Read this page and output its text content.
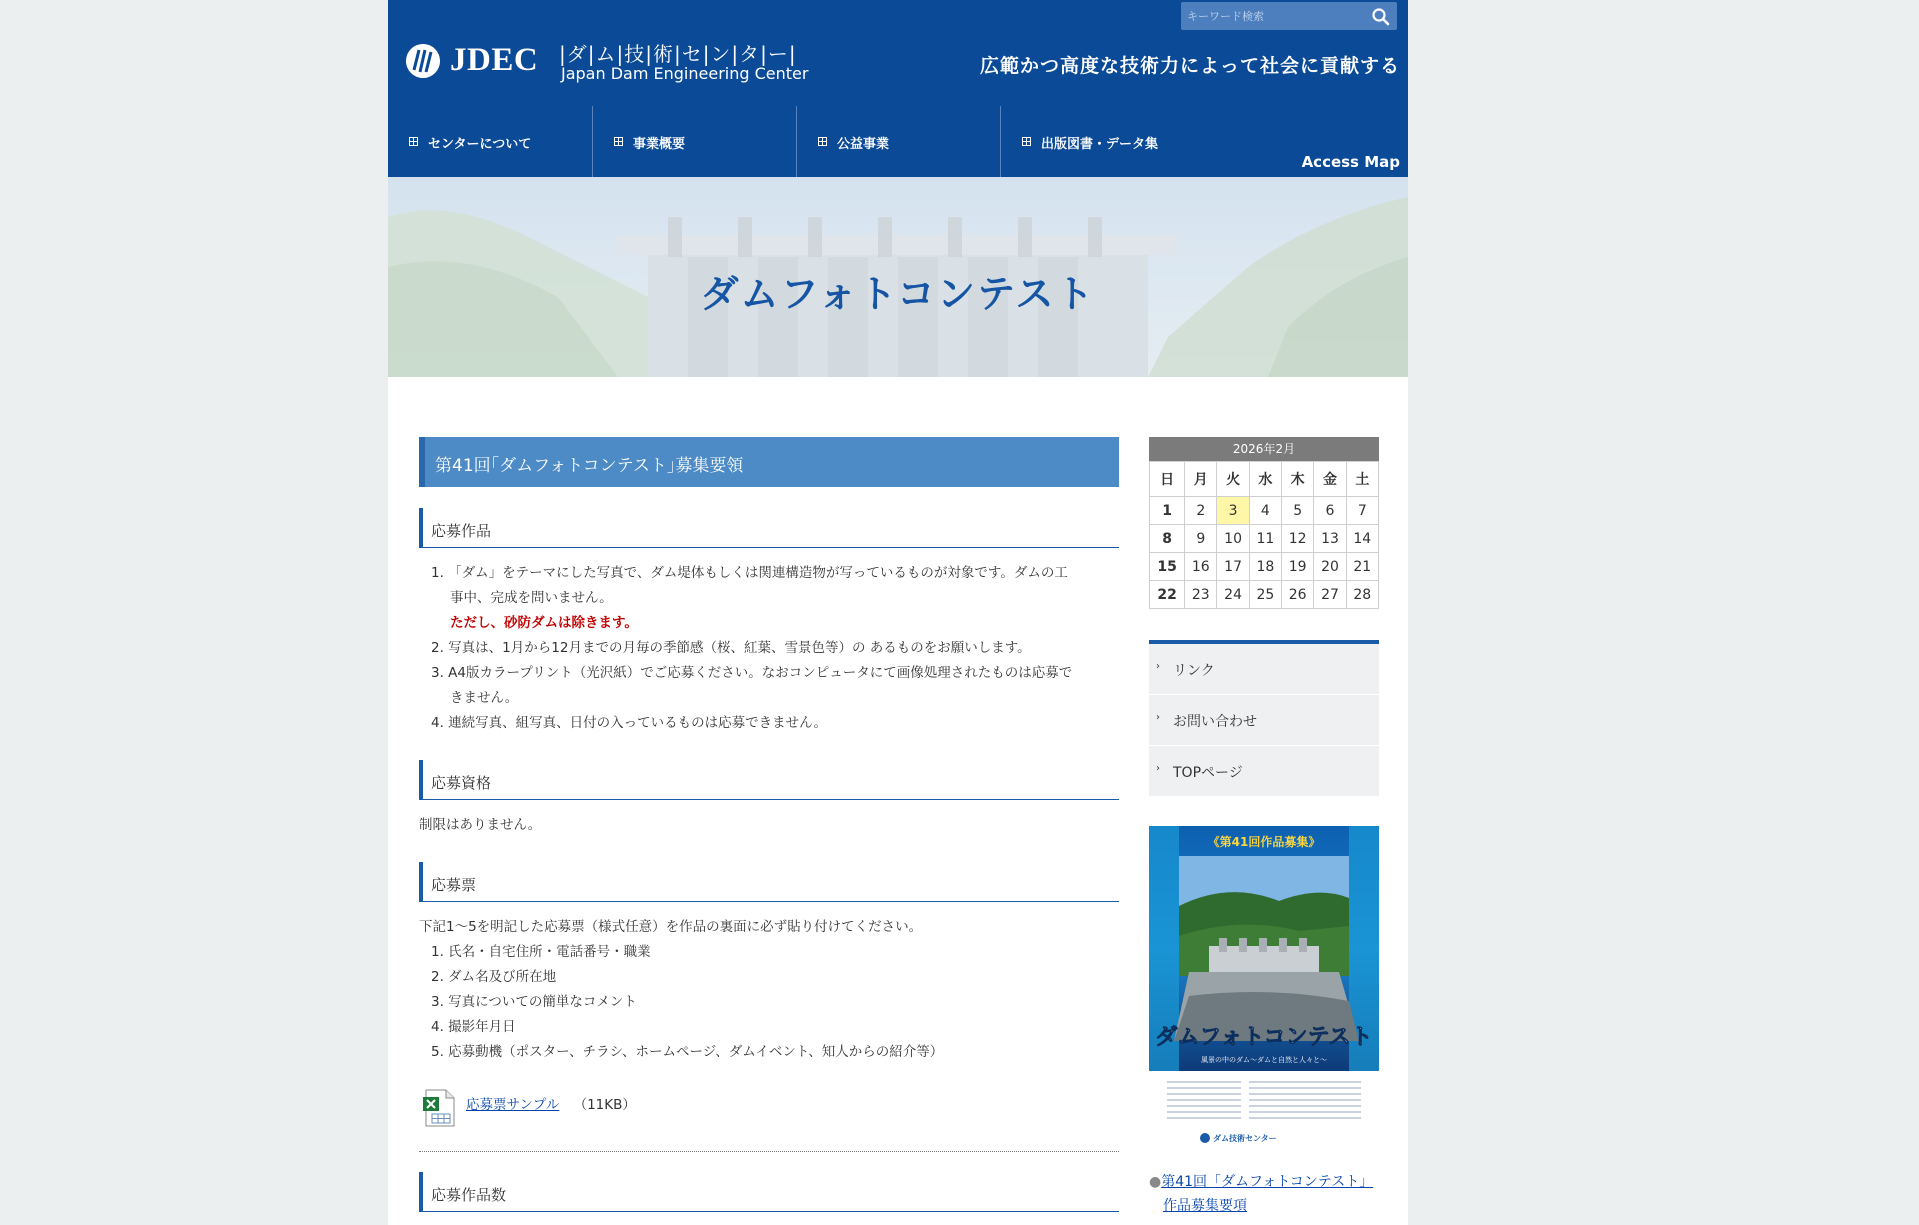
JDEC |ダ|ム|技|術|セ|ン|タ|ー|
Japan Dam Engineering Center	広範かつ高度な技術力によって社会に貢献する
キーワード検索
センターについて	事業概要	公益事業	出版図書・データ集
Access Map
ダムフォトコンテスト
第41回｢ダムフォトコンテスト｣募集要領
応募作品
1. 「ダム」をテーマにした写真で、ダム堤体もしくは関連構造物が写っているものが対象です。ダムの工
事中、完成を問いません。
ただし、砂防ダムは除きます。
2. 写真は、1月から12月までの月毎の季節感（桜、紅葉、雪景色等）の あるものをお願いします。
3. A4版カラープリント（光沢紙）でご応募ください。なおコンピュータにて画像処理されたものは応募で
きません。
4. 連続写真、組写真、日付の入っているものは応募できません。
応募資格
制限はありません。
応募票
下記1～5を明記した応募票（様式任意）を作品の裏面に必ず貼り付けてください。
1. 氏名・自宅住所・電話番号・職業
2. ダム名及び所在地
3. 写真についての簡単なコメント
4. 撮影年月日
5. 応募動機（ポスター、チラシ、ホームページ、ダムイベント、知人からの紹介等）
応募票サンプル （11KB）
応募作品数
2026年2月
日	月	火	水	木	金	土
1	2	3	4	5	6	7
8	9	10	11	12	13	14
15	16	17	18	19	20	21
22	23	24	25	26	27	28
› リンク
› お問い合わせ
› TOPページ
《第41回作品募集》
ダムフォトコンテスト
風景の中のダム～ダムと自然と人々と～
ダム技術センター
●第41回「ダムフォトコンテスト」
作品募集要項
